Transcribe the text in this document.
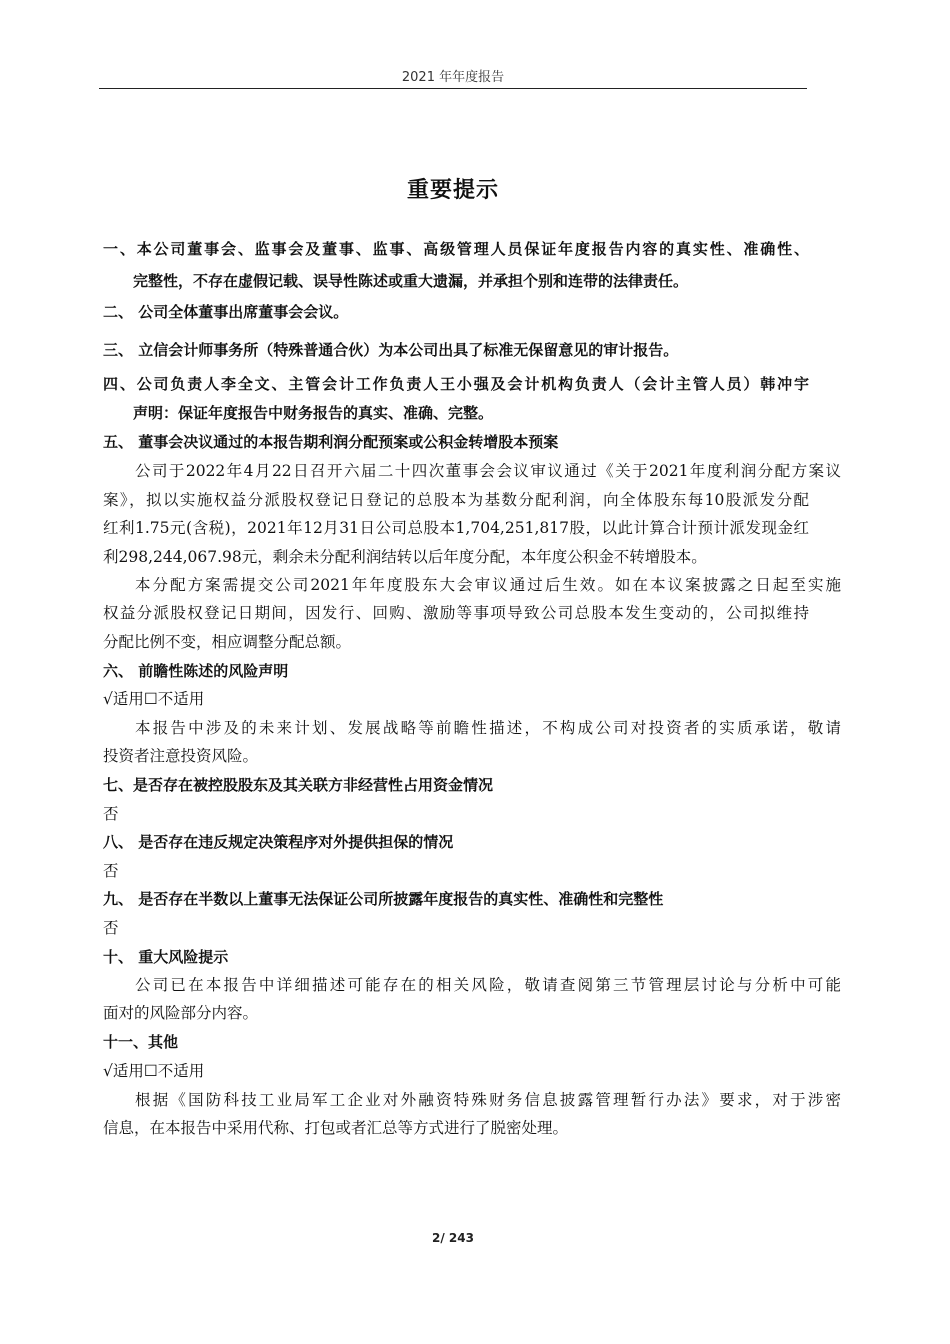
2021 年年度报告
重要提示
一、本公司董事会、监事会及董事、监事、高级管理人员保证年度报告内容的真实性、准确性、
完整性，不存在虚假记载、误导性陈述或重大遗漏，并承担个别和连带的法律责任。
二、 公司全体董事出席董事会会议。
三、 立信会计师事务所（特殊普通合伙）为本公司出具了标准无保留意见的审计报告。
四、公司负责人李全文、主管会计工作负责人王小强及会计机构负责人（会计主管人员）韩冲宇
声明：保证年度报告中财务报告的真实、准确、完整。
五、 董事会决议通过的本报告期利润分配预案或公积金转增股本预案
公司于2022年4月22日召开六届二十四次董事会会议审议通过《关于2021年度利润分配方案议
案》，拟以实施权益分派股权登记日登记的总股本为基数分配利润，向全体股东每10股派发分配
红利1.75元(含税)，2021年12月31日公司总股本1,704,251,817股，以此计算合计预计派发现金红
利298,244,067.98元，剩余未分配利润结转以后年度分配，本年度公积金不转增股本。
本分配方案需提交公司2021年年度股东大会审议通过后生效。如在本议案披露之日起至实施
权益分派股权登记日期间，因发行、回购、激励等事项导致公司总股本发生变动的，公司拟维持
分配比例不变，相应调整分配总额。
六、 前瞻性陈述的风险声明
√适用☐不适用
本报告中涉及的未来计划、发展战略等前瞻性描述，不构成公司对投资者的实质承诺，敬请
投资者注意投资风险。
七、是否存在被控股股东及其关联方非经营性占用资金情况
否
八、 是否存在违反规定决策程序对外提供担保的情况
否
九、 是否存在半数以上董事无法保证公司所披露年度报告的真实性、准确性和完整性
否
十、 重大风险提示
公司已在本报告中详细描述可能存在的相关风险，敬请查阅第三节管理层讨论与分析中可能
面对的风险部分内容。
十一、其他
√适用☐不适用
根据《国防科技工业局军工企业对外融资特殊财务信息披露管理暂行办法》要求，对于涉密
信息，在本报告中采用代称、打包或者汇总等方式进行了脱密处理。
2/ 243
